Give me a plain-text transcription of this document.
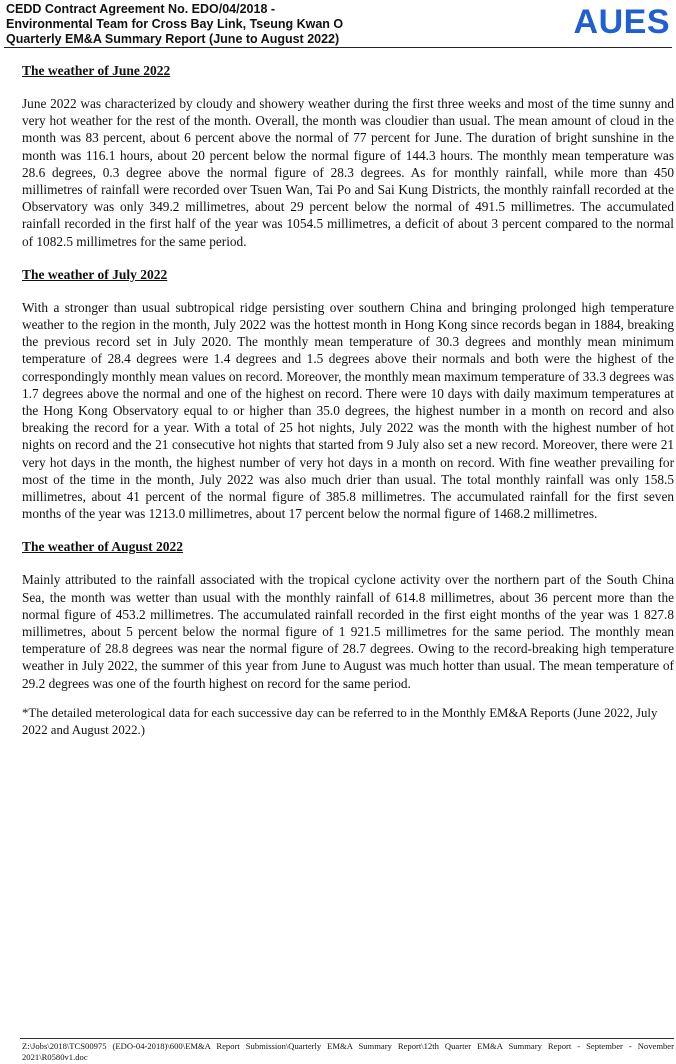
CEDD Contract Agreement No. EDO/04/2018 -
Environmental Team for Cross Bay Link, Tseung Kwan O
Quarterly EM&A Summary Report (June to August 2022)	AUES
The weather of June 2022

June 2022 was characterized by cloudy and showery weather during the first three weeks and most of the time sunny and very hot weather for the rest of the month. Overall, the month was cloudier than usual. The mean amount of cloud in the month was 83 percent, about 6 percent above the normal of 77 percent for June. The duration of bright sunshine in the month was 116.1 hours, about 20 percent below the normal figure of 144.3 hours. The monthly mean temperature was 28.6 degrees, 0.3 degree above the normal figure of 28.3 degrees. As for monthly rainfall, while more than 450 millimetres of rainfall were recorded over Tsuen Wan, Tai Po and Sai Kung Districts, the monthly rainfall recorded at the Observatory was only 349.2 millimetres, about 29 percent below the normal of 491.5 millimetres. The accumulated rainfall recorded in the first half of the year was 1054.5 millimetres, a deficit of about 3 percent compared to the normal of 1082.5 millimetres for the same period.

The weather of July 2022

With a stronger than usual subtropical ridge persisting over southern China and bringing prolonged high temperature weather to the region in the month, July 2022 was the hottest month in Hong Kong since records began in 1884, breaking the previous record set in July 2020. The monthly mean temperature of 30.3 degrees and monthly mean minimum temperature of 28.4 degrees were 1.4 degrees and 1.5 degrees above their normals and both were the highest of the correspondingly monthly mean values on record. Moreover, the monthly mean maximum temperature of 33.3 degrees was 1.7 degrees above the normal and one of the highest on record. There were 10 days with daily maximum temperatures at the Hong Kong Observatory equal to or higher than 35.0 degrees, the highest number in a month on record and also breaking the record for a year. With a total of 25 hot nights, July 2022 was the month with the highest number of hot nights on record and the 21 consecutive hot nights that started from 9 July also set a new record. Moreover, there were 21 very hot days in the month, the highest number of very hot days in a month on record. With fine weather prevailing for most of the time in the month, July 2022 was also much drier than usual. The total monthly rainfall was only 158.5 millimetres, about 41 percent of the normal figure of 385.8 millimetres. The accumulated rainfall for the first seven months of the year was 1213.0 millimetres, about 17 percent below the normal figure of 1468.2 millimetres.

The weather of August 2022

Mainly attributed to the rainfall associated with the tropical cyclone activity over the northern part of the South China Sea, the month was wetter than usual with the monthly rainfall of 614.8 millimetres, about 36 percent more than the normal figure of 453.2 millimetres. The accumulated rainfall recorded in the first eight months of the year was 1 827.8 millimetres, about 5 percent below the normal figure of 1 921.5 millimetres for the same period. The monthly mean temperature of 28.8 degrees was near the normal figure of 28.7 degrees. Owing to the record-breaking high temperature weather in July 2022, the summer of this year from June to August was much hotter than usual. The mean temperature of 29.2 degrees was one of the fourth highest on record for the same period.

*The detailed meterological data for each successive day can be referred to in the Monthly EM&A Reports (June 2022, July 2022 and August 2022.)

Z:\Jobs\2018\TCS00975 (EDO-04-2018)\600\EM&A Report Submission\Quarterly EM&A Summary Report\12th Quarter EM&A Summary Report - September - November 2021\R0580v1.doc
